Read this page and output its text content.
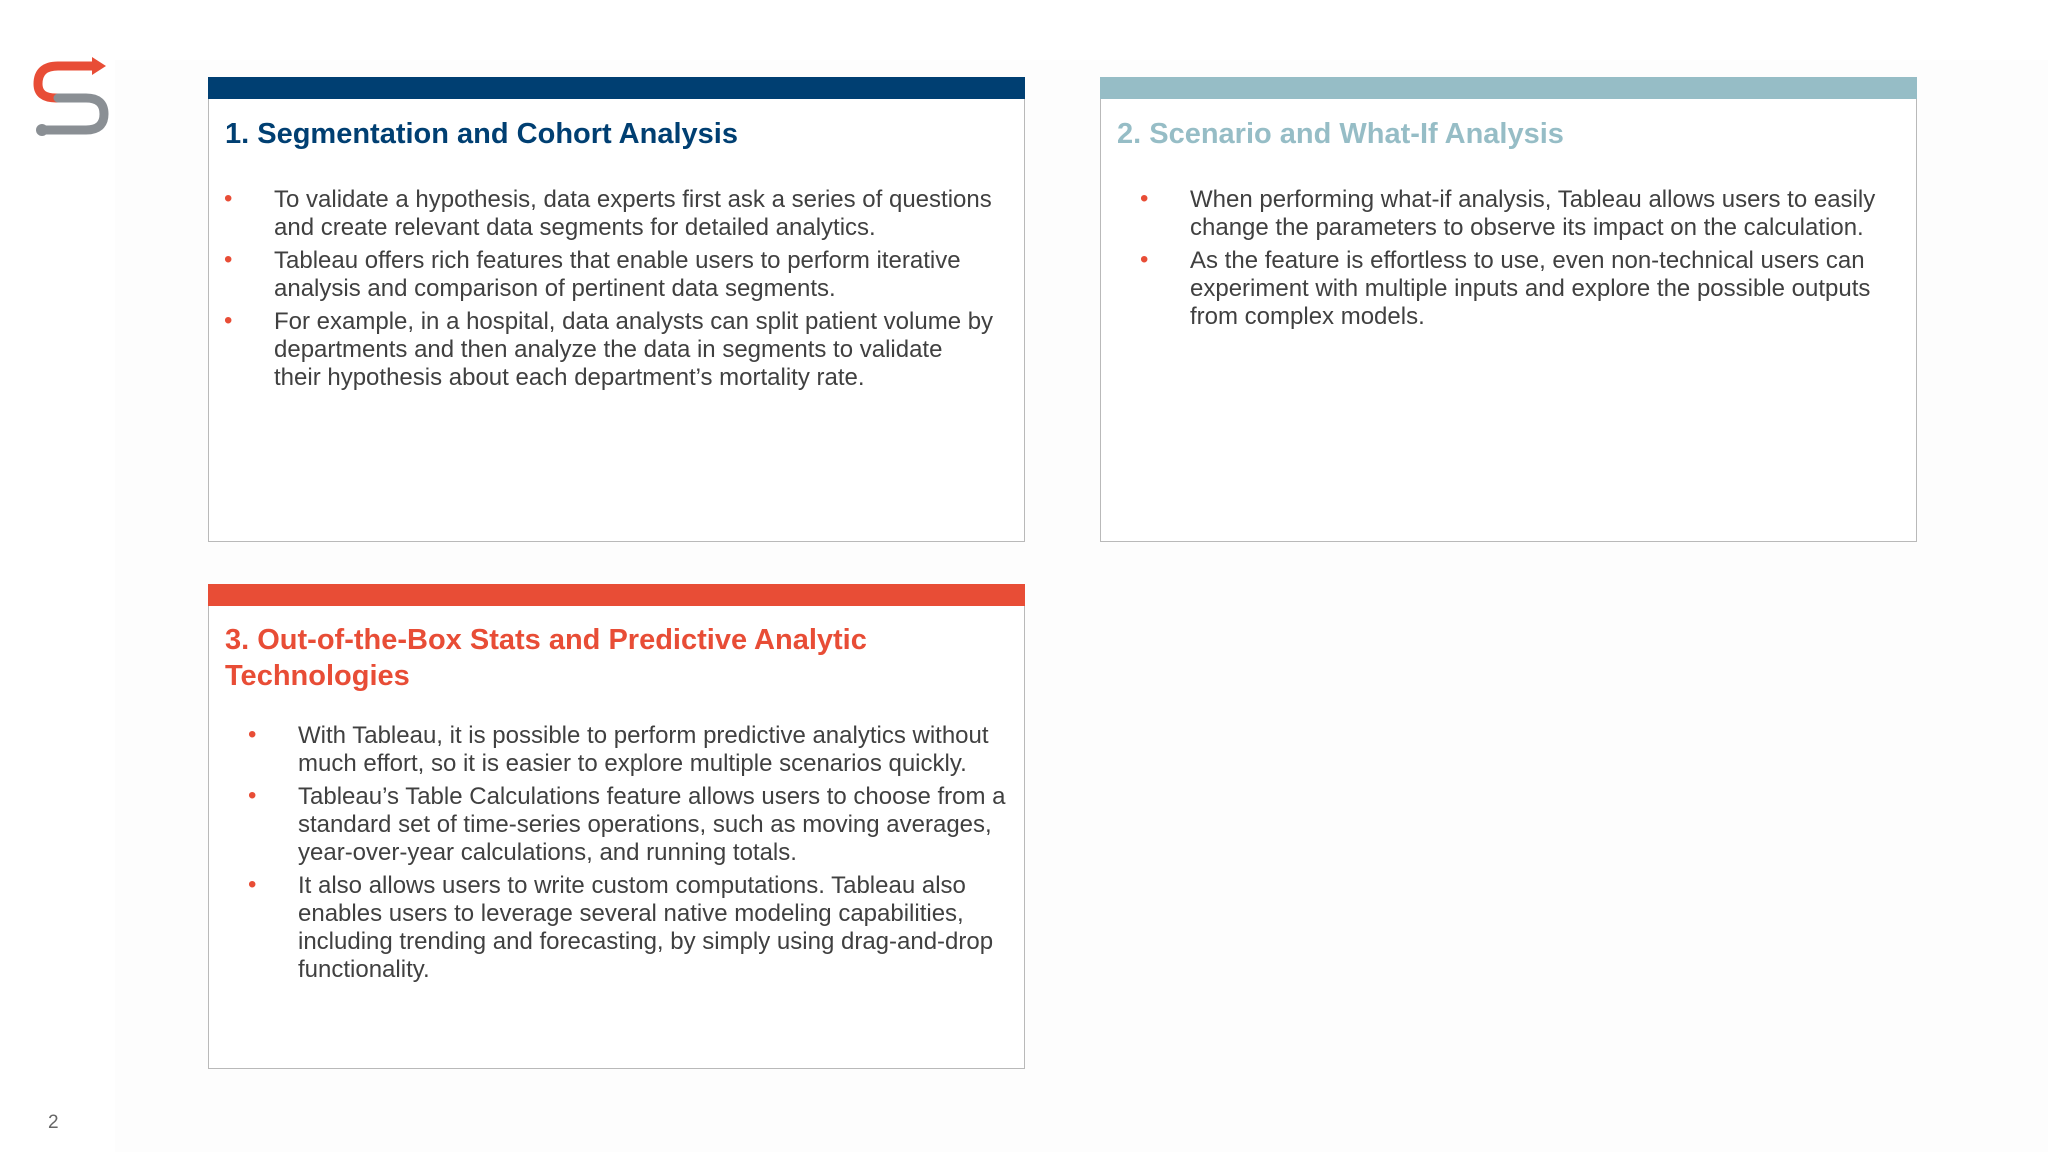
1. Segmentation and Cohort Analysis
• To validate a hypothesis, data experts first ask a series of questions and create relevant data segments for detailed analytics.
• Tableau offers rich features that enable users to perform iterative analysis and comparison of pertinent data segments.
• For example, in a hospital, data analysts can split patient volume by departments and then analyze the data in segments to validate their hypothesis about each department’s mortality rate.
2. Scenario and What-If Analysis
• When performing what-if analysis, Tableau allows users to easily change the parameters to observe its impact on the calculation.
• As the feature is effortless to use, even non-technical users can experiment with multiple inputs and explore the possible outputs from complex models.
3. Out-of-the-Box Stats and Predictive Analytic Technologies
• With Tableau, it is possible to perform predictive analytics without much effort, so it is easier to explore multiple scenarios quickly.
• Tableau’s Table Calculations feature allows users to choose from a standard set of time-series operations, such as moving averages, year-over-year calculations, and running totals.
• It also allows users to write custom computations. Tableau also enables users to leverage several native modeling capabilities, including trending and forecasting, by simply using drag-and-drop functionality.
2
